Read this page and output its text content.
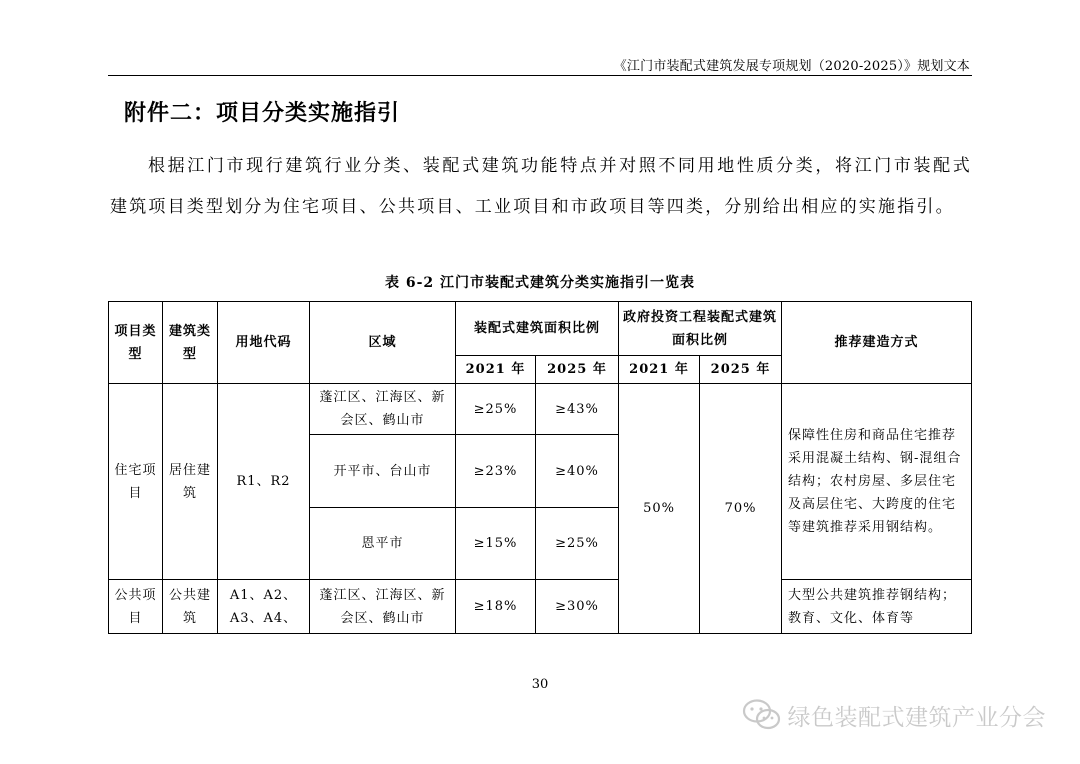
《江门市装配式建筑发展专项规划（2020-2025）》规划文本
附件二：项目分类实施指引
根据江门市现行建筑行业分类、装配式建筑功能特点并对照不同用地性质分类，将江门市装配式建筑项目类型划分为住宅项目、公共项目、工业项目和市政项目等四类，分别给出相应的实施指引。
表 6-2 江门市装配式建筑分类实施指引一览表
项目类型	建筑类型	用地代码	区域	装配式建筑面积比例		政府投资工程装配式建筑面积比例		推荐建造方式
				2021 年	2025 年	2021 年	2025 年	
住宅项目	居住建筑	R1、R2	蓬江区、江海区、新会区、鹤山市	≥25%	≥43%	50%	70%	保障性住房和商品住宅推荐采用混凝土结构、钢-混组合结构；农村房屋、多层住宅及高层住宅、大跨度的住宅等建筑推荐采用钢结构。
			开平市、台山市	≥23%	≥40%			
			恩平市	≥15%	≥25%			
公共项目	公共建筑	A1、A2、A3、A4、	蓬江区、江海区、新会区、鹤山市	≥18%	≥30%			大型公共建筑推荐钢结构；教育、文化、体育等
30
绿色装配式建筑产业分会
